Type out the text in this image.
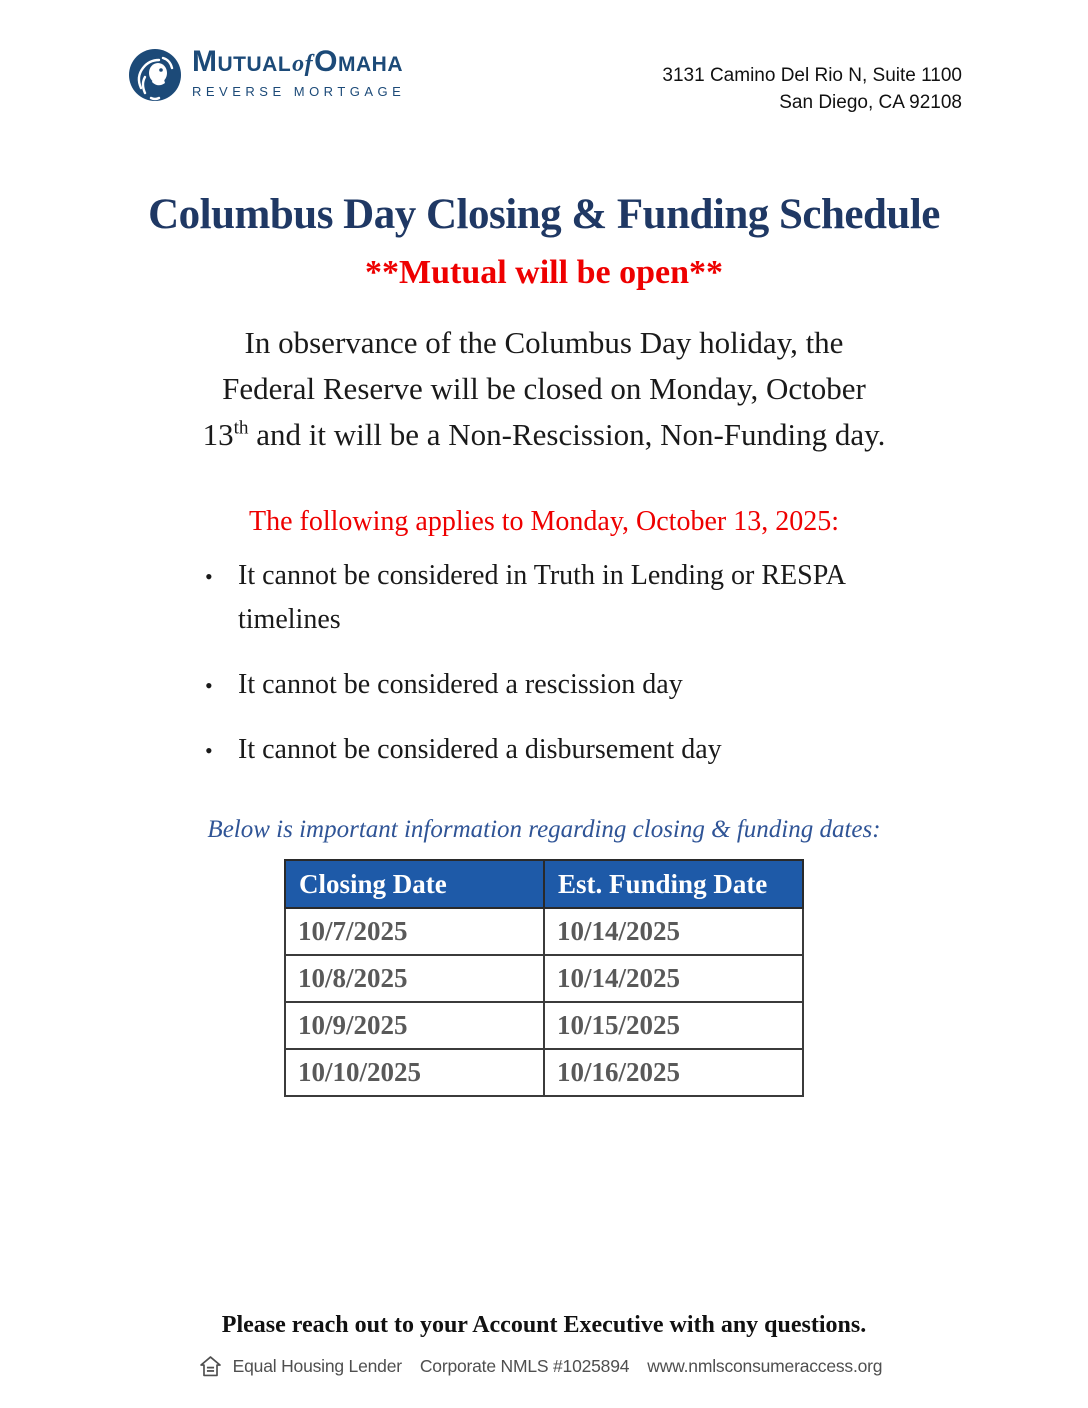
MutualofOmaha
REVERSE MORTGAGE
3131 Camino Del Rio N, Suite 1100
San Diego, CA 92108
Columbus Day Closing & Funding Schedule
**Mutual will be open**
In observance of the Columbus Day holiday, the
Federal Reserve will be closed on Monday, October
13th and it will be a Non-Rescission, Non-Funding day.
The following applies to Monday, October 13, 2025:
• It cannot be considered in Truth in Lending or RESPA timelines
• It cannot be considered a rescission day
• It cannot be considered a disbursement day
Below is important information regarding closing & funding dates:
Closing Date	Est. Funding Date
10/7/2025	10/14/2025
10/8/2025	10/14/2025
10/9/2025	10/15/2025
10/10/2025	10/16/2025
Please reach out to your Account Executive with any questions.
Equal Housing Lender Corporate NMLS #1025894 www.nmlsconsumeraccess.org
